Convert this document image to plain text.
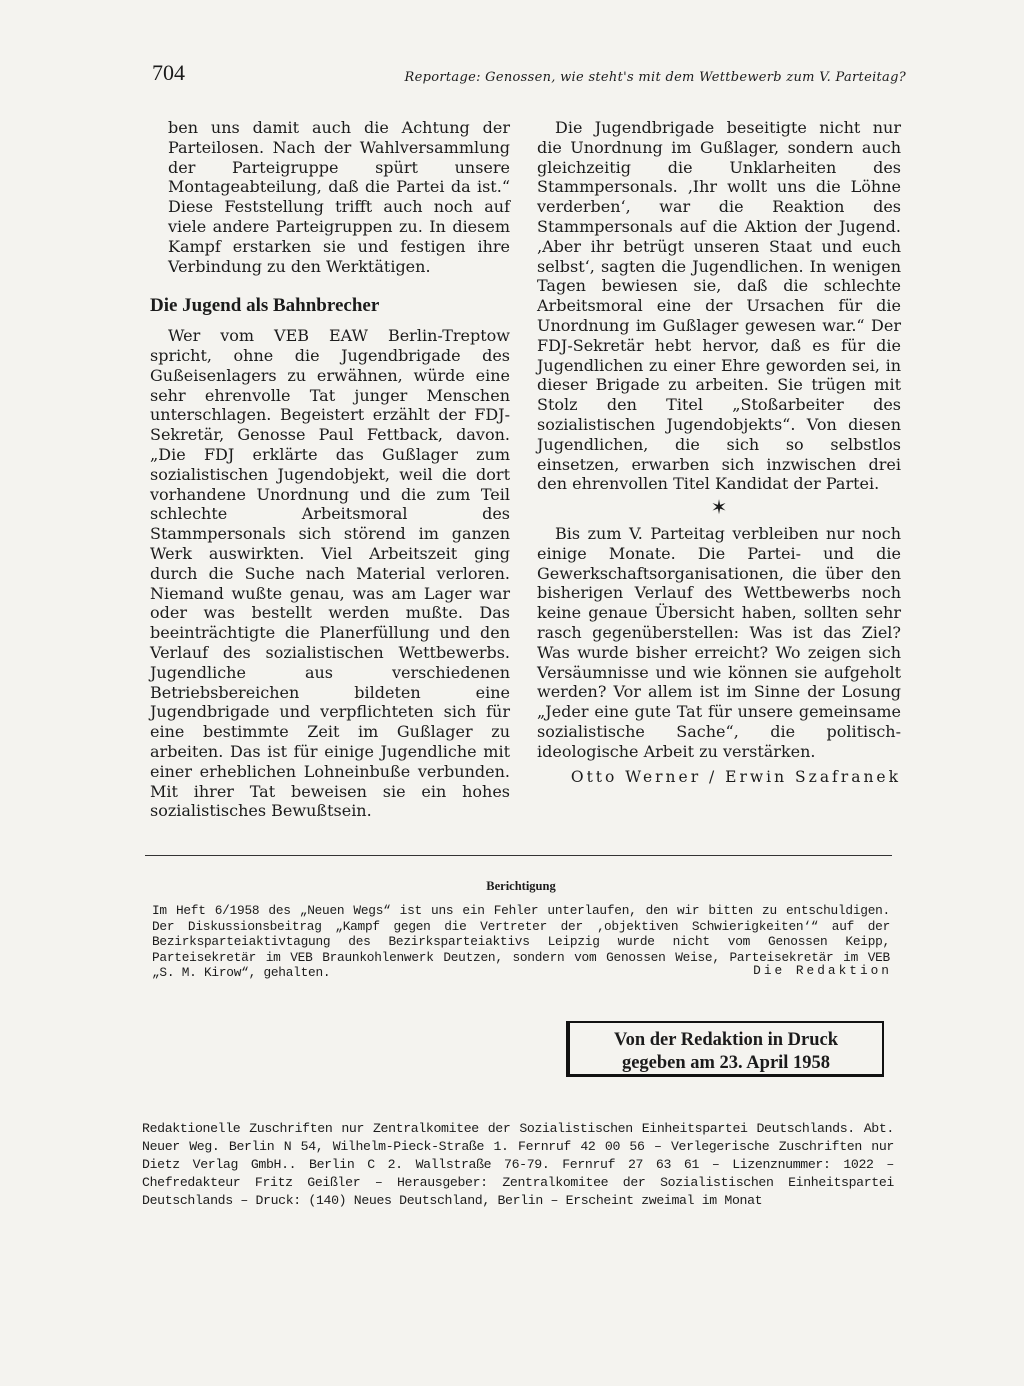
704	Reportage: Genossen, wie steht's mit dem Wettbewerb zum V. Parteitag?

ben uns damit auch die Achtung der Parteilosen. Nach der Wahlversammlung der Parteigruppe spürt unsere Montageabteilung, daß die Partei da ist.“ Diese Feststellung trifft auch noch auf viele andere Parteigruppen zu. In diesem Kampf erstarken sie und festigen ihre Verbindung zu den Werktätigen.

Die Jugend als Bahnbrecher

Wer vom VEB EAW Berlin-Treptow spricht, ohne die Jugendbrigade des Gußeisenlagers zu erwähnen, würde eine sehr ehrenvolle Tat junger Menschen unterschlagen. Begeistert erzählt der FDJ-Sekretär, Genosse Paul Fettback, davon. „Die FDJ erklärte das Gußlager zum sozialistischen Jugendobjekt, weil die dort vorhandene Unordnung und die zum Teil schlechte Arbeitsmoral des Stammpersonals sich störend im ganzen Werk auswirkten. Viel Arbeitszeit ging durch die Suche nach Material verloren. Niemand wußte genau, was am Lager war oder was bestellt werden mußte. Das beeinträchtigte die Planerfüllung und den Verlauf des sozialistischen Wettbewerbs. Jugendliche aus verschiedenen Betriebsbereichen bildeten eine Jugendbrigade und verpflichteten sich für eine bestimmte Zeit im Gußlager zu arbeiten. Das ist für einige Jugendliche mit einer erheblichen Lohneinbuße verbunden. Mit ihrer Tat beweisen sie ein hohes sozialistisches Bewußtsein.

Die Jugendbrigade beseitigte nicht nur die Unordnung im Gußlager, sondern auch gleichzeitig die Unklarheiten des Stammpersonals. ‚Ihr wollt uns die Löhne verderben‘, war die Reaktion des Stammpersonals auf die Aktion der Jugend. ‚Aber ihr betrügt unseren Staat und euch selbst‘, sagten die Jugendlichen. In wenigen Tagen bewiesen sie, daß die schlechte Arbeitsmoral eine der Ursachen für die Unordnung im Gußlager gewesen war.“ Der FDJ-Sekretär hebt hervor, daß es für die Jugendlichen zu einer Ehre geworden sei, in dieser Brigade zu arbeiten. Sie trügen mit Stolz den Titel „Stoßarbeiter des sozialistischen Jugendobjekts“. Von diesen Jugendlichen, die sich so selbstlos einsetzen, erwarben sich inzwischen drei den ehrenvollen Titel Kandidat der Partei.

✶

Bis zum V. Parteitag verbleiben nur noch einige Monate. Die Partei- und die Gewerkschaftsorganisationen, die über den bisherigen Verlauf des Wettbewerbs noch keine genaue Übersicht haben, sollten sehr rasch gegenüberstellen: Was ist das Ziel? Was wurde bisher erreicht? Wo zeigen sich Versäumnisse und wie können sie aufgeholt werden? Vor allem ist im Sinne der Losung „Jeder eine gute Tat für unsere gemeinsame sozialistische Sache“, die politisch-ideologische Arbeit zu verstärken.

Otto Werner / Erwin Szafranek
Berichtigung
Im Heft 6/1958 des „Neuen Wegs“ ist uns ein Fehler unterlaufen, den wir bitten zu entschuldigen. Der Diskussionsbeitrag „Kampf gegen die Vertreter der ‚objektiven Schwierigkeiten‘“ auf der Bezirksparteiaktivtagung des Bezirksparteiaktivs Leipzig wurde nicht vom Genossen Keipp, Parteisekretär im VEB Braunkohlenwerk Deutzen, sondern vom Genossen Weise, Parteisekretär im VEB „S. M. Kirow“, gehalten.	Die Redaktion
Von der Redaktion in Druck
gegeben am 23. April 1958
Redaktionelle Zuschriften nur Zentralkomitee der Sozialistischen Einheitspartei Deutschlands. Abt. Neuer Weg. Berlin N 54, Wilhelm-Pieck-Straße 1. Fernruf 42 00 56 – Verlegerische Zuschriften nur Dietz Verlag GmbH.. Berlin C 2. Wallstraße 76-79. Fernruf 27 63 61 – Lizenznummer: 1022 – Chefredakteur Fritz Geißler – Herausgeber: Zentralkomitee der Sozialistischen Einheitspartei Deutschlands – Druck: (140) Neues Deutschland, Berlin – Erscheint zweimal im Monat
